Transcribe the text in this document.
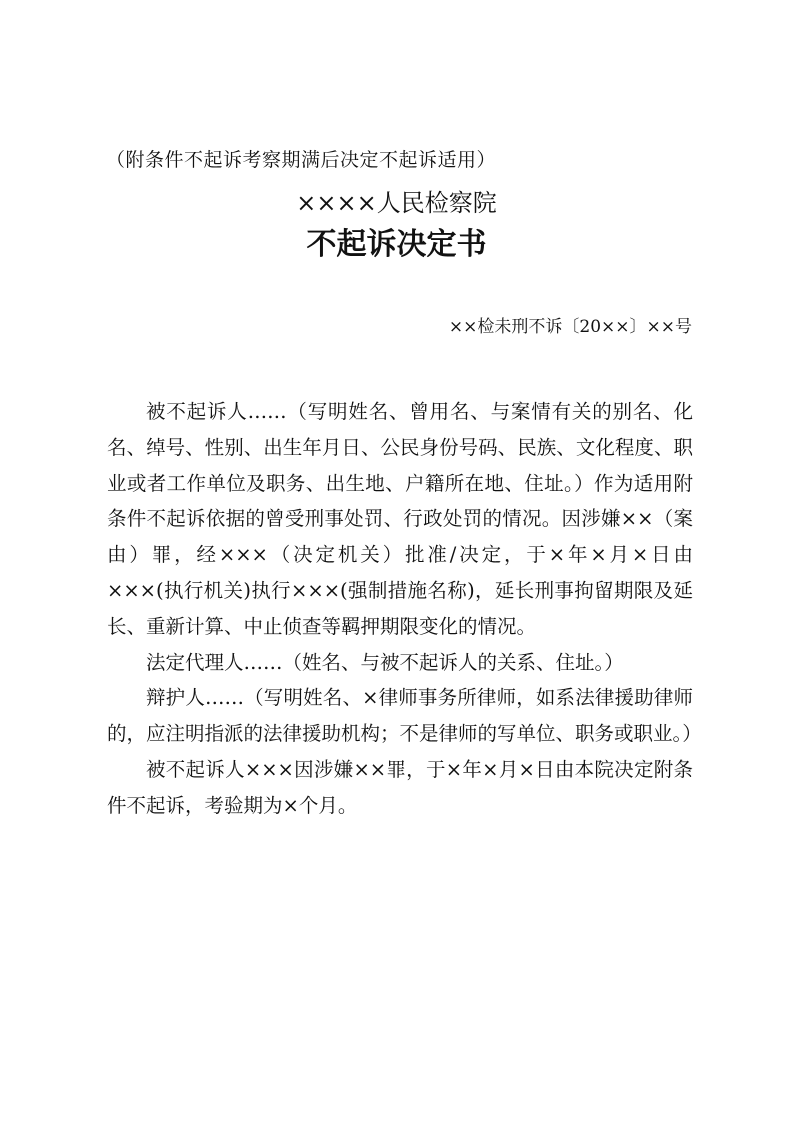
（附条件不起诉考察期满后决定不起诉适用）
××××人民检察院
不起诉决定书
××检未刑不诉〔20××〕××号

被不起诉人……（写明姓名、曾用名、与案情有关的别名、化名、绰号、性别、出生年月日、公民身份号码、民族、文化程度、职业或者工作单位及职务、出生地、户籍所在地、住址。）作为适用附条件不起诉依据的曾受刑事处罚、行政处罚的情况。因涉嫌××（案由）罪，经×××（决定机关）批准/决定，于×年×月×日由×××(执行机关)执行×××(强制措施名称)，延长刑事拘留期限及延长、重新计算、中止侦查等羁押期限变化的情况。

法定代理人……（姓名、与被不起诉人的关系、住址。）

辩护人……（写明姓名、×律师事务所律师，如系法律援助律师的，应注明指派的法律援助机构；不是律师的写单位、职务或职业。）

被不起诉人×××因涉嫌××罪，于×年×月×日由本院决定附条件不起诉，考验期为×个月。
